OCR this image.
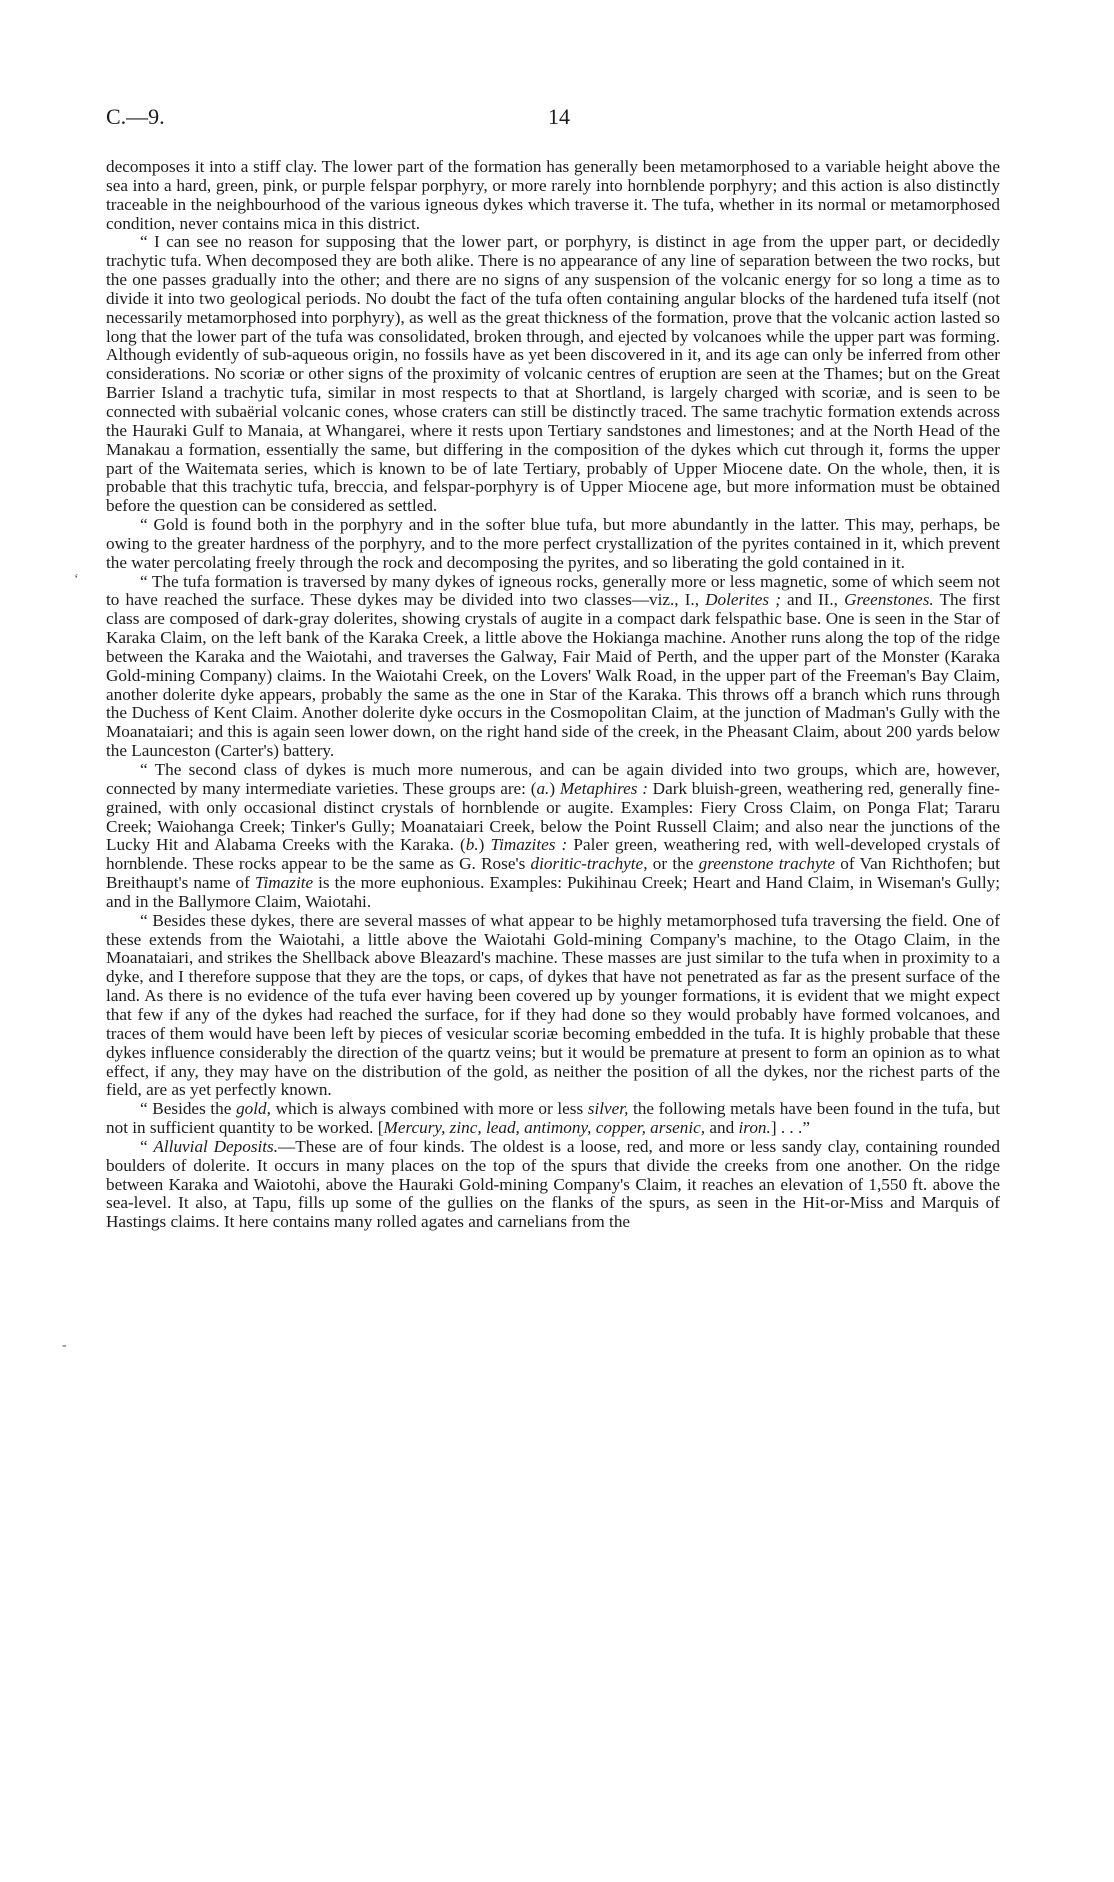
C.—9.	14

decomposes it into a stiff clay. The lower part of the formation has generally been metamorphosed to a variable height above the sea into a hard, green, pink, or purple felspar porphyry, or more rarely into hornblende porphyry; and this action is also distinctly traceable in the neighbourhood of the various igneous dykes which traverse it. The tufa, whether in its normal or metamorphosed condition, never contains mica in this district.

“ I can see no reason for supposing that the lower part, or porphyry, is distinct in age from the upper part, or decidedly trachytic tufa. When decomposed they are both alike. There is no appearance of any line of separation between the two rocks, but the one passes gradually into the other; and there are no signs of any suspension of the volcanic energy for so long a time as to divide it into two geological periods. No doubt the fact of the tufa often containing angular blocks of the hardened tufa itself (not necessarily metamorphosed into porphyry), as well as the great thickness of the formation, prove that the volcanic action lasted so long that the lower part of the tufa was consolidated, broken through, and ejected by volcanoes while the upper part was forming. Although evidently of sub-aqueous origin, no fossils have as yet been discovered in it, and its age can only be inferred from other considerations. No scoriæ or other signs of the proximity of volcanic centres of eruption are seen at the Thames; but on the Great Barrier Island a trachytic tufa, similar in most respects to that at Shortland, is largely charged with scoriæ, and is seen to be connected with subaërial volcanic cones, whose craters can still be distinctly traced. The same trachytic formation extends across the Hauraki Gulf to Manaia, at Whangarei, where it rests upon Tertiary sandstones and limestones; and at the North Head of the Manakau a formation, essentially the same, but differing in the composition of the dykes which cut through it, forms the upper part of the Waitemata series, which is known to be of late Tertiary, probably of Upper Miocene date. On the whole, then, it is probable that this trachytic tufa, breccia, and felspar-porphyry is of Upper Miocene age, but more information must be obtained before the question can be considered as settled.

“ Gold is found both in the porphyry and in the softer blue tufa, but more abundantly in the latter. This may, perhaps, be owing to the greater hardness of the porphyry, and to the more perfect crystallization of the pyrites contained in it, which prevent the water percolating freely through the rock and decomposing the pyrites, and so liberating the gold contained in it.

“ The tufa formation is traversed by many dykes of igneous rocks, generally more or less magnetic, some of which seem not to have reached the surface. These dykes may be divided into two classes—viz., I., Dolerites ; and II., Greenstones. The first class are composed of dark-gray dolerites, showing crystals of augite in a compact dark felspathic base. One is seen in the Star of Karaka Claim, on the left bank of the Karaka Creek, a little above the Hokianga machine. Another runs along the top of the ridge between the Karaka and the Waiotahi, and traverses the Galway, Fair Maid of Perth, and the upper part of the Monster (Karaka Gold-mining Company) claims. In the Waiotahi Creek, on the Lovers' Walk Road, in the upper part of the Freeman's Bay Claim, another dolerite dyke appears, probably the same as the one in Star of the Karaka. This throws off a branch which runs through the Duchess of Kent Claim. Another dolerite dyke occurs in the Cosmopolitan Claim, at the junction of Madman's Gully with the Moanataiari; and this is again seen lower down, on the right hand side of the creek, in the Pheasant Claim, about 200 yards below the Launceston (Carter's) battery.

“ The second class of dykes is much more numerous, and can be again divided into two groups, which are, however, connected by many intermediate varieties. These groups are: (a.) Metaphires : Dark bluish-green, weathering red, generally fine-grained, with only occasional distinct crystals of hornblende or augite. Examples: Fiery Cross Claim, on Ponga Flat; Tararu Creek; Waiohanga Creek; Tinker's Gully; Moanataiari Creek, below the Point Russell Claim; and also near the junctions of the Lucky Hit and Alabama Creeks with the Karaka. (b.) Timazites : Paler green, weathering red, with well-developed crystals of hornblende. These rocks appear to be the same as G. Rose's dioritic-trachyte, or the greenstone trachyte of Van Richthofen; but Breithaupt's name of Timazite is the more euphonious. Examples: Pukihinau Creek; Heart and Hand Claim, in Wiseman's Gully; and in the Ballymore Claim, Waiotahi.

“ Besides these dykes, there are several masses of what appear to be highly metamorphosed tufa traversing the field. One of these extends from the Waiotahi, a little above the Waiotahi Gold-mining Company's machine, to the Otago Claim, in the Moanataiari, and strikes the Shellback above Bleazard's machine. These masses are just similar to the tufa when in proximity to a dyke, and I therefore suppose that they are the tops, or caps, of dykes that have not penetrated as far as the present surface of the land. As there is no evidence of the tufa ever having been covered up by younger formations, it is evident that we might expect that few if any of the dykes had reached the surface, for if they had done so they would probably have formed volcanoes, and traces of them would have been left by pieces of vesicular scoriæ becoming embedded in the tufa. It is highly probable that these dykes influence considerably the direction of the quartz veins; but it would be premature at present to form an opinion as to what effect, if any, they may have on the distribution of the gold, as neither the position of all the dykes, nor the richest parts of the field, are as yet perfectly known.

“ Besides the gold, which is always combined with more or less silver, the following metals have been found in the tufa, but not in sufficient quantity to be worked. [Mercury, zinc, lead, antimony, copper, arsenic, and iron.] . . .”

“ Alluvial Deposits.—These are of four kinds. The oldest is a loose, red, and more or less sandy clay, containing rounded boulders of dolerite. It occurs in many places on the top of the spurs that divide the creeks from one another. On the ridge between Karaka and Waiotohi, above the Hauraki Gold-mining Company's Claim, it reaches an elevation of 1,550 ft. above the sea-level. It also, at Tapu, fills up some of the gullies on the flanks of the spurs, as seen in the Hit-or-Miss and Marquis of Hastings claims. It here contains many rolled agates and carnelians from the

‘
-
